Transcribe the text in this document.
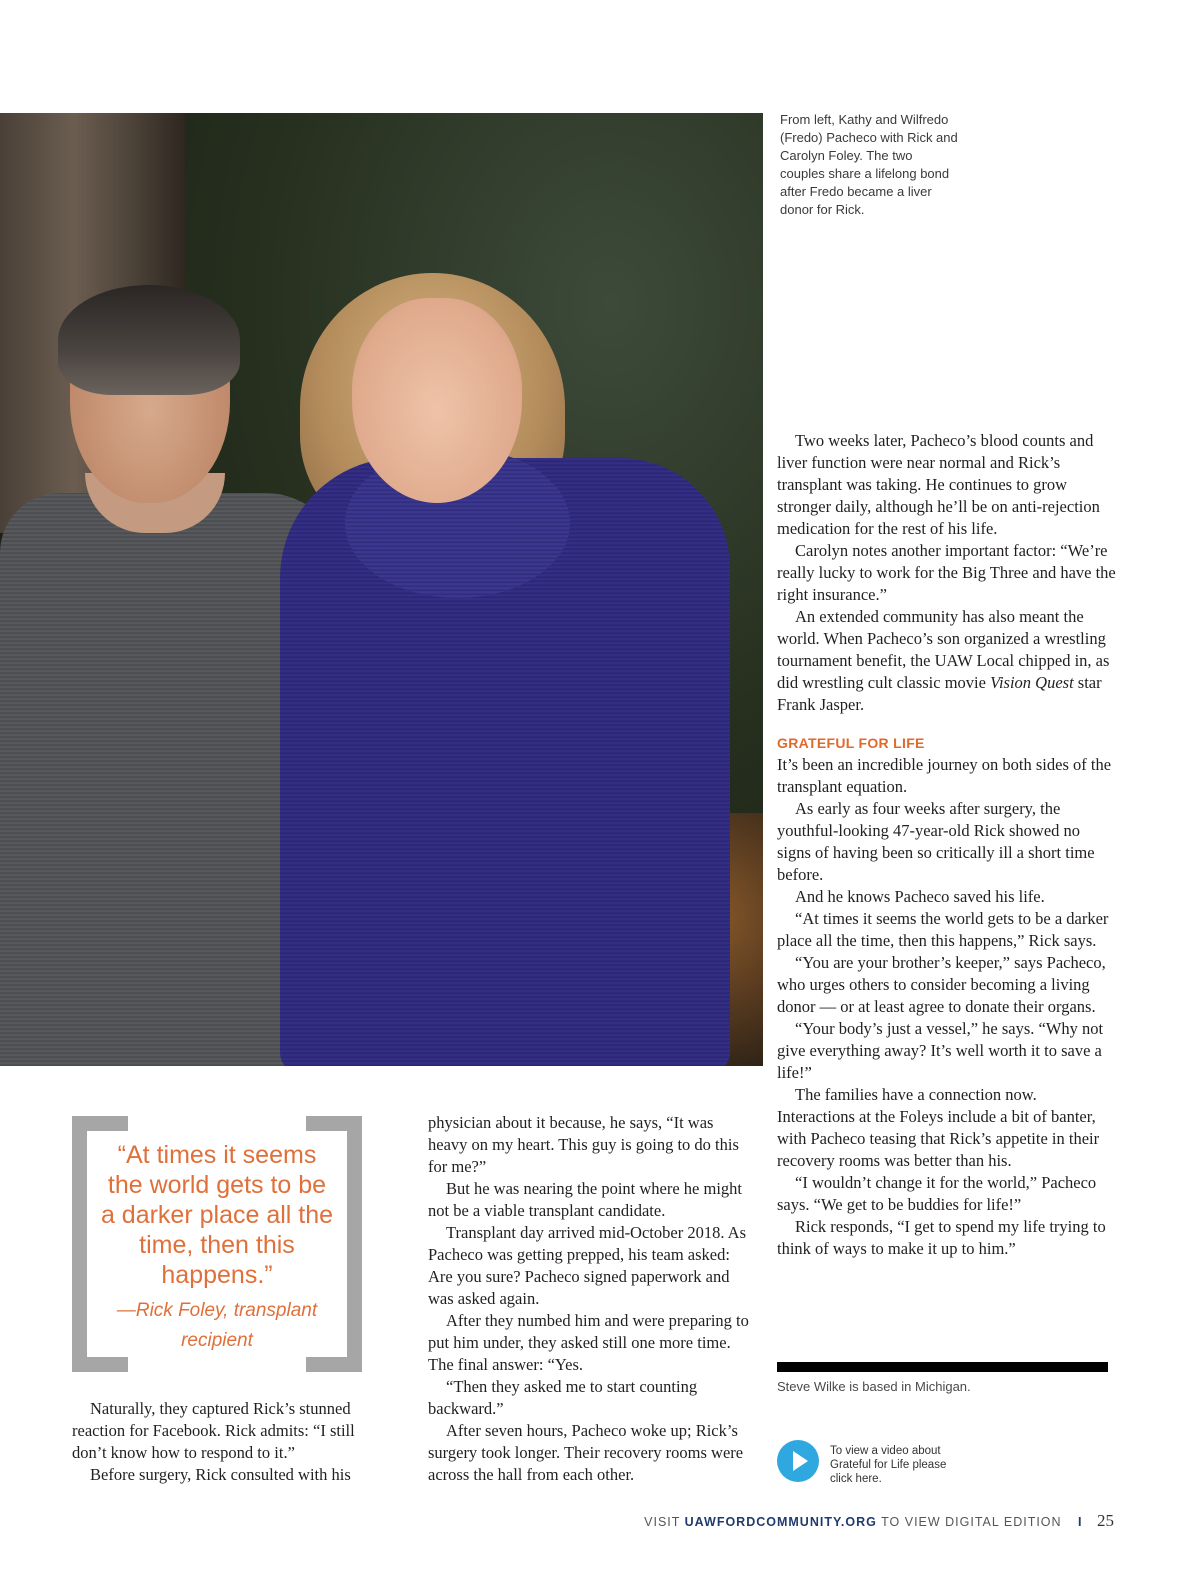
From left, Kathy and Wilfredo (Fredo) Pacheco with Rick and Carolyn Foley. The two couples share a lifelong bond after Fredo became a liver donor for Rick.
“At times it seems the world gets to be a darker place all the time, then this happens.”
—Rick Foley, transplant recipient

Naturally, they captured Rick’s stunned reaction for Facebook. Rick admits: “I still don’t know how to respond to it.”

Before surgery, Rick consulted with his

physician about it because, he says, “It was heavy on my heart. This guy is going to do this for me?”

But he was nearing the point where he might not be a viable transplant candidate.

Transplant day arrived mid-October 2018. As Pacheco was getting prepped, his team asked: Are you sure? Pacheco signed paperwork and was asked again.

After they numbed him and were preparing to put him under, they asked still one more time. The final answer: “Yes.

“Then they asked me to start counting backward.”

After seven hours, Pacheco woke up; Rick’s surgery took longer. Their recovery rooms were across the hall from each other.

Two weeks later, Pacheco’s blood counts and liver function were near normal and Rick’s transplant was taking. He continues to grow stronger daily, although he’ll be on anti-rejection medication for the rest of his life.

Carolyn notes another important factor: “We’re really lucky to work for the Big Three and have the right insurance.”

An extended community has also meant the world. When Pacheco’s son organized a wrestling tournament benefit, the UAW Local chipped in, as did wrestling cult classic movie Vision Quest star Frank Jasper.

GRATEFUL FOR LIFE

It’s been an incredible journey on both sides of the transplant equation.

As early as four weeks after surgery, the youthful-looking 47-year-old Rick showed no signs of having been so critically ill a short time before.

And he knows Pacheco saved his life.

“At times it seems the world gets to be a darker place all the time, then this happens,” Rick says.

“You are your brother’s keeper,” says Pacheco, who urges others to consider becoming a living donor — or at least agree to donate their organs.

“Your body’s just a vessel,” he says. “Why not give everything away? It’s well worth it to save a life!”

The families have a connection now. Interactions at the Foleys include a bit of banter, with Pacheco teasing that Rick’s appetite in their recovery rooms was better than his.

“I wouldn’t change it for the world,” Pacheco says. “We get to be buddies for life!”

Rick responds, “I get to spend my life trying to think of ways to make it up to him.”

Steve Wilke is based in Michigan.
To view a video about Grateful for Life please click here.
VISIT UAWFORDCOMMUNITY.ORG TO VIEW DIGITAL EDITION I 25
